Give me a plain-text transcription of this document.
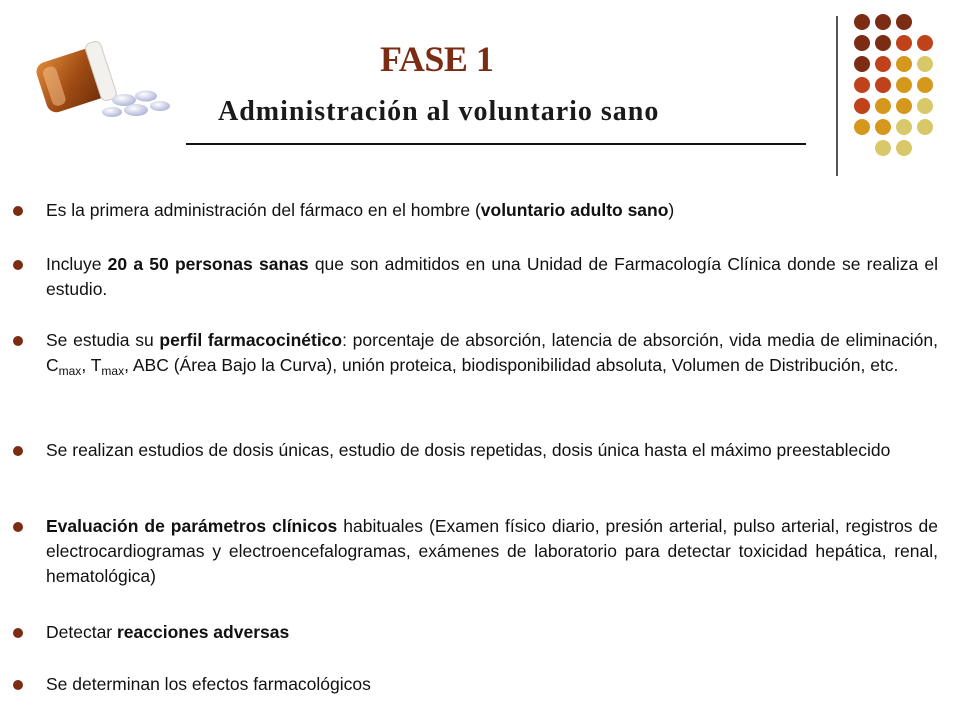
FASE 1
Administración al voluntario sano
Es la primera administración del fármaco en el hombre (voluntario adulto sano)
Incluye 20 a 50 personas sanas que son admitidos en una Unidad de Farmacología Clínica donde se realiza el estudio.
Se estudia su perfil farmacocinético: porcentaje de absorción, latencia de absorción, vida media de eliminación, $C_{max}$, $T_{max}$, ABC (Área Bajo la Curva), unión proteica, biodisponibilidad absoluta, Volumen de Distribución, etc.
Se realizan estudios de dosis únicas, estudio de dosis repetidas, dosis única hasta el máximo preestablecido
Evaluación de parámetros clínicos habituales (Examen físico diario, presión arterial, pulso arterial, registros de electrocardiogramas y electroencefalogramas, exámenes de laboratorio para detectar toxicidad hepática, renal, hematológica)
Detectar reacciones adversas
Se determinan los efectos farmacológicos
